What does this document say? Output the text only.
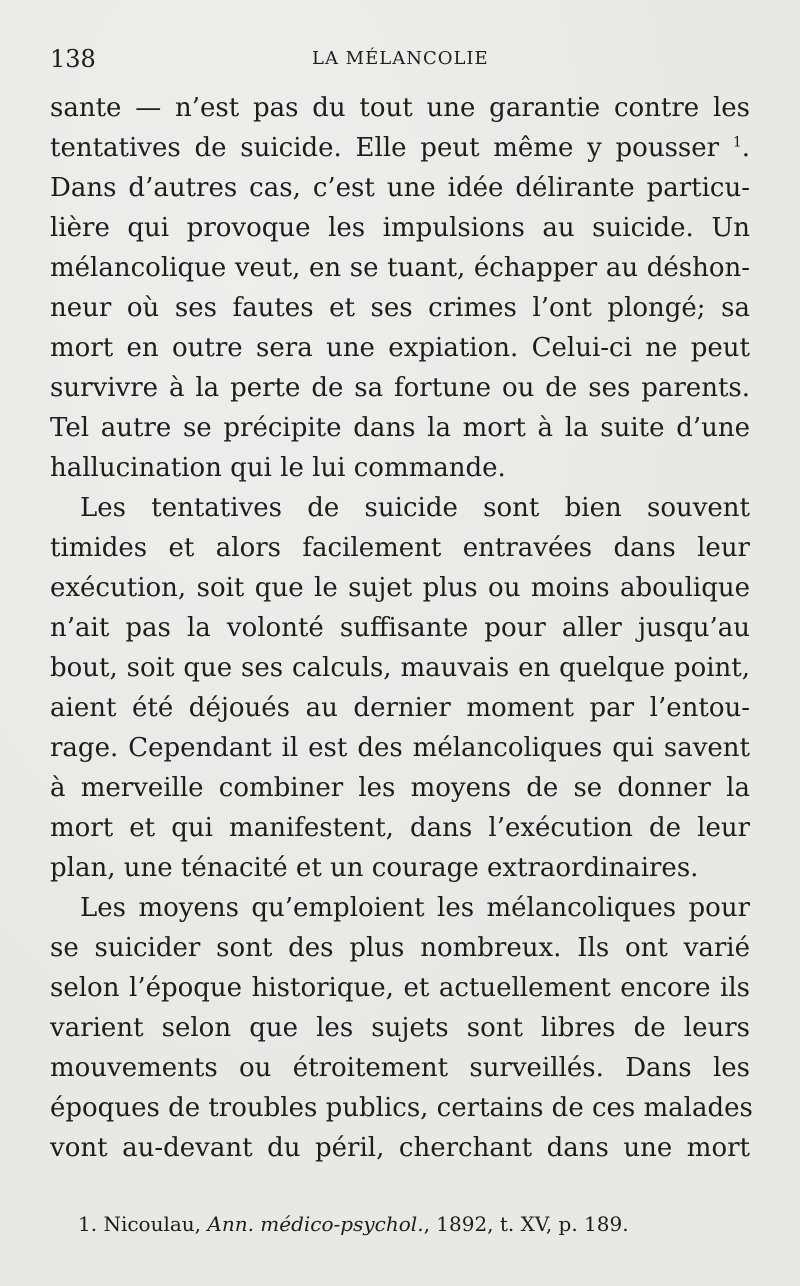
138	LA MÉLANCOLIE
sante — n’est pas du tout une garantie contre les
tentatives de suicide. Elle peut même y pousser $^1$.
Dans d’autres cas, c’est une idée délirante particu-
lière qui provoque les impulsions au suicide. Un
mélancolique veut, en se tuant, échapper au déshon-
neur où ses fautes et ses crimes l’ont plongé; sa
mort en outre sera une expiation. Celui-ci ne peut
survivre à la perte de sa fortune ou de ses parents.
Tel autre se précipite dans la mort à la suite d’une
hallucination qui le lui commande.
Les tentatives de suicide sont bien souvent
timides et alors facilement entravées dans leur
exécution, soit que le sujet plus ou moins aboulique
n’ait pas la volonté suffisante pour aller jusqu’au
bout, soit que ses calculs, mauvais en quelque point,
aient été déjoués au dernier moment par l’entou-
rage. Cependant il est des mélancoliques qui savent
à merveille combiner les moyens de se donner la
mort et qui manifestent, dans l’exécution de leur
plan, une ténacité et un courage extraordinaires.
Les moyens qu’emploient les mélancoliques pour
se suicider sont des plus nombreux. Ils ont varié
selon l’époque historique, et actuellement encore ils
varient selon que les sujets sont libres de leurs
mouvements ou étroitement surveillés. Dans les
époques de troubles publics, certains de ces malades
vont au-devant du péril, cherchant dans une mort
1. Nicoulau, Ann. médico-psychol., 1892, t. XV, p. 189.
